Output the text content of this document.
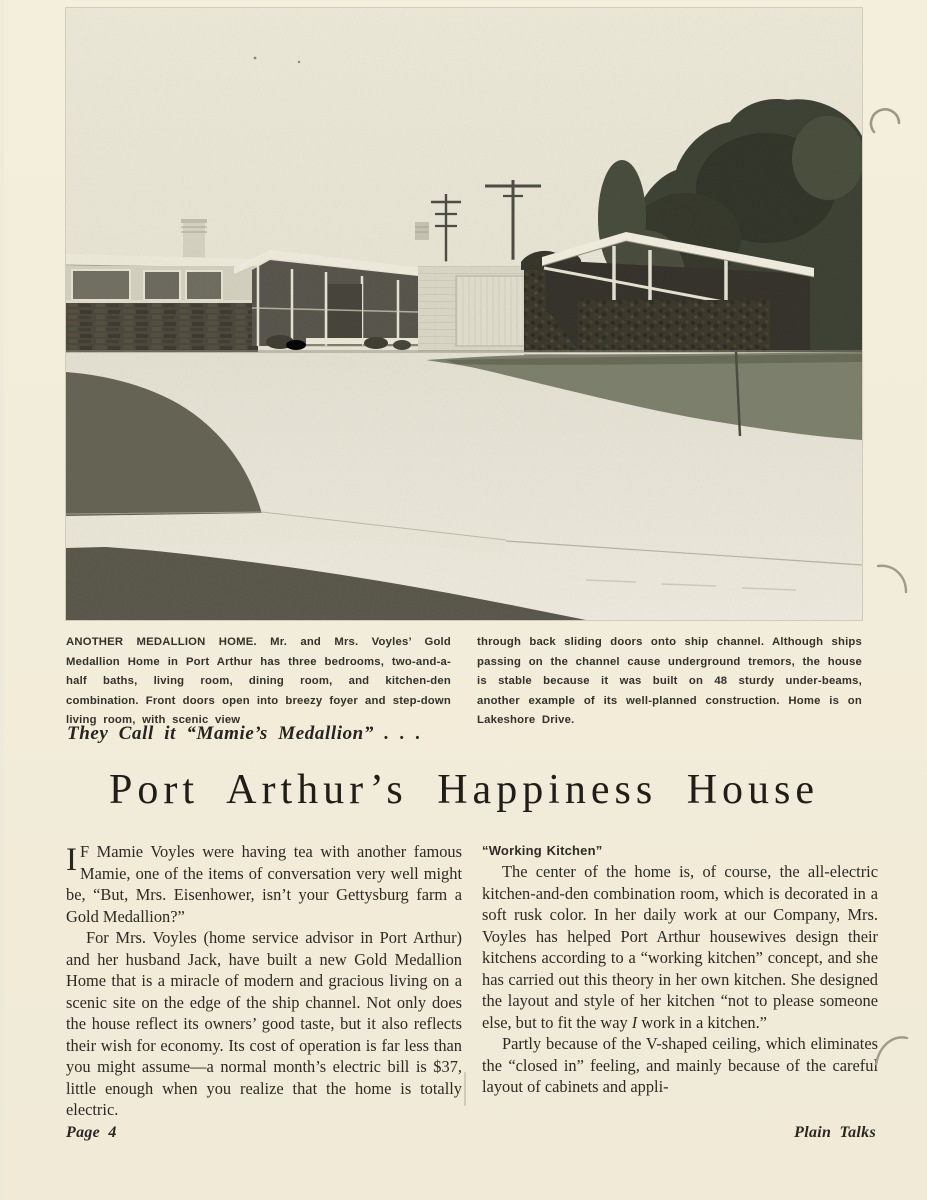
ANOTHER MEDALLION HOME. Mr. and Mrs. Voyles’ Gold Medallion Home in Port Arthur has three bedrooms, two-and-a-half baths, living room, dining room, and kitchen-den combination. Front doors open into breezy foyer and step-down living room, with scenic view
through back sliding doors onto ship channel. Although ships passing on the channel cause underground tremors, the house is stable because it was built on 48 sturdy under-beams, another example of its well-planned construction. Home is on Lakeshore Drive.
They Call it “Mamie’s Medallion” . . .
Port Arthur’s Happiness House

I F Mamie Voyles were having tea with another famous Mamie, one of the items of conversation very well might be, “But, Mrs. Eisenhower, isn’t your Gettysburg farm a Gold Medallion?”

For Mrs. Voyles (home service advisor in Port Arthur) and her husband Jack, have built a new Gold Medallion Home that is a miracle of modern and gracious living on a scenic site on the edge of the ship channel. Not only does the house reflect its owners’ good taste, but it also reflects their wish for economy. Its cost of operation is far less than you might assume—a normal month’s electric bill is $37, little enough when you realize that the home is totally electric.

“Working Kitchen”

The center of the home is, of course, the all-electric kitchen-and-den combination room, which is decorated in a soft rusk color. In her daily work at our Company, Mrs. Voyles has helped Port Arthur housewives design their kitchens according to a “working kitchen” concept, and she has carried out this theory in her own kitchen. She designed the layout and style of her kitchen “not to please someone else, but to fit the way I work in a kitchen.”

Partly because of the V-shaped ceiling, which eliminates the “closed in” feeling, and mainly because of the careful layout of cabinets and appli-

Page 4	Plain Talks
